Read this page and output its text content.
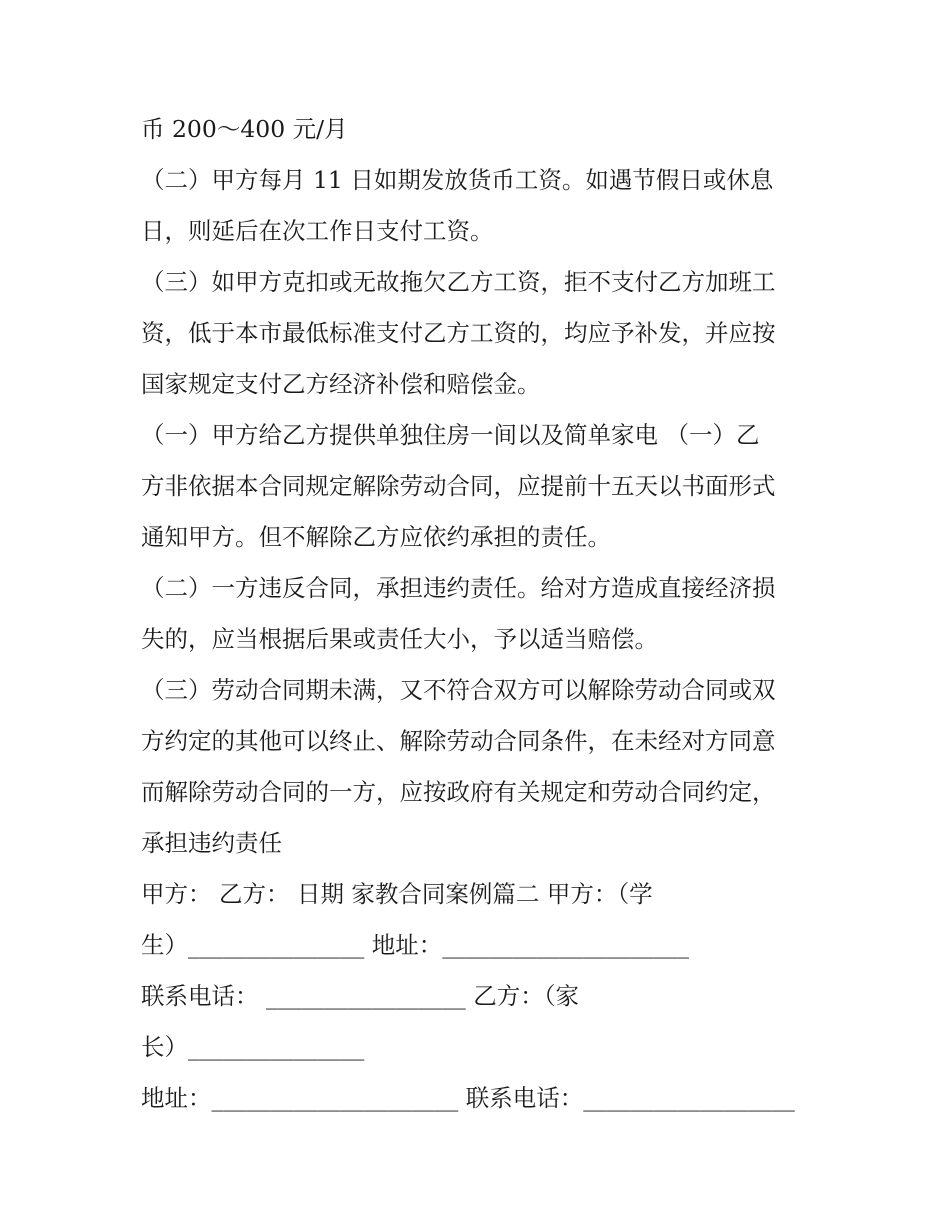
币 200～400 元/月
（二）甲方每月 11 日如期发放货币工资。如遇节假日或休息
日，则延后在次工作日支付工资。
（三）如甲方克扣或无故拖欠乙方工资，拒不支付乙方加班工
资，低于本市最低标准支付乙方工资的，均应予补发，并应按
国家规定支付乙方经济补偿和赔偿金。
（一）甲方给乙方提供单独住房一间以及简单家电 （一）乙
方非依据本合同规定解除劳动合同，应提前十五天以书面形式
通知甲方。但不解除乙方应依约承担的责任。
（二）一方违反合同，承担违约责任。给对方造成直接经济损
失的，应当根据后果或责任大小，予以适当赔偿。
（三）劳动合同期未满，又不符合双方可以解除劳动合同或双
方约定的其他可以终止、解除劳动合同条件，在未经对方同意
而解除劳动合同的一方，应按政府有关规定和劳动合同约定，
承担违约责任
甲方： 乙方： 日期 家教合同案例篇二 甲方：（学
生）_______________ 地址：_____________________
联系电话： _________________ 乙方：（家
长）_______________
地址：_____________________ 联系电话：__________________
